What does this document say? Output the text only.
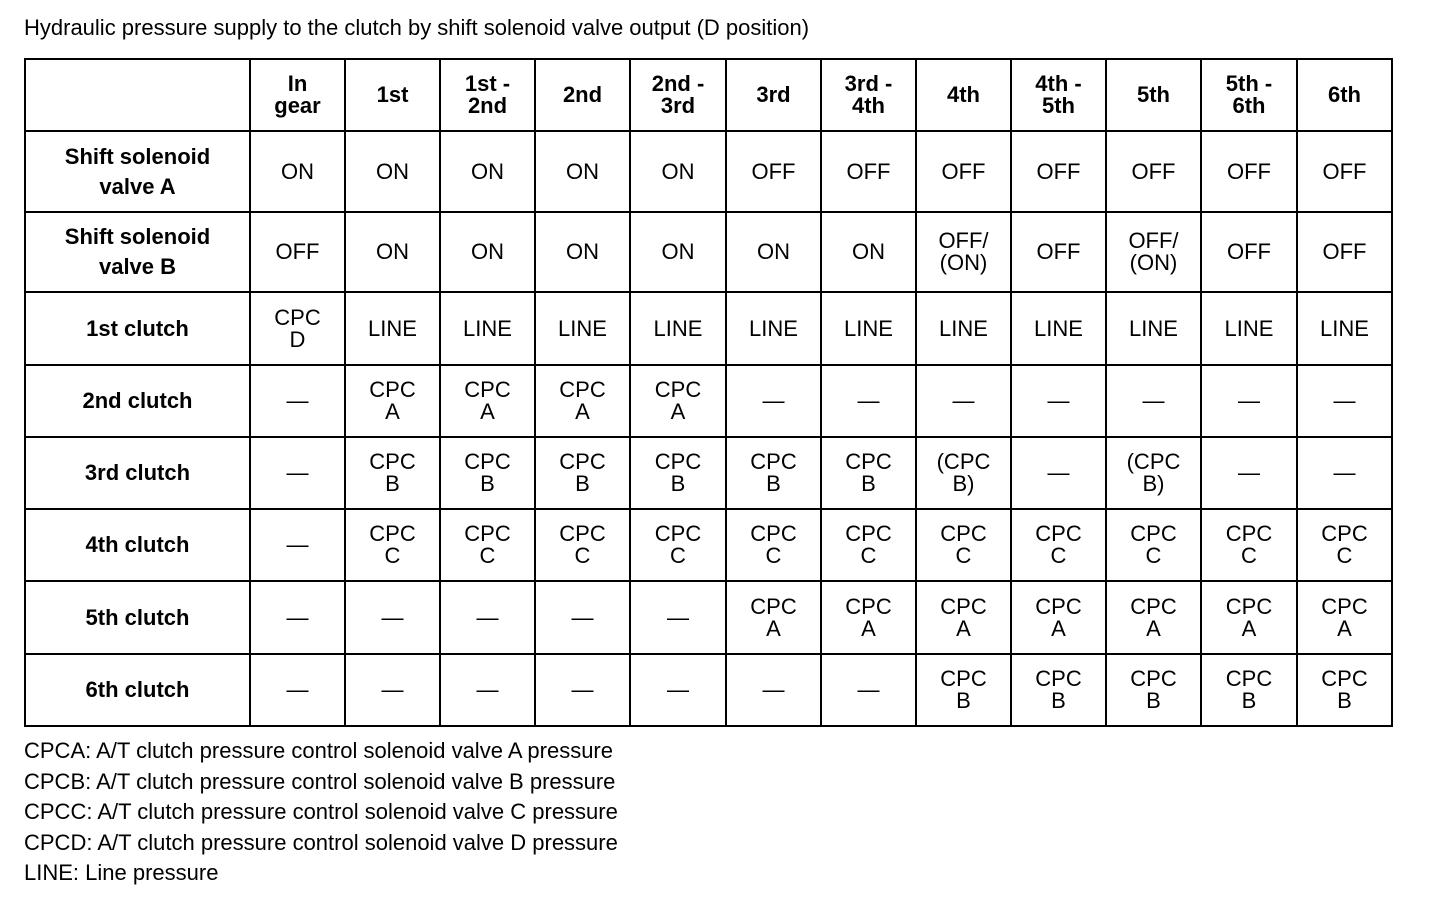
Hydraulic pressure supply to the clutch by shift solenoid valve output (D position)

	In
gear	1st	1st -
2nd	2nd	2nd -
3rd	3rd	3rd -
4th	4th	4th -
5th	5th	5th -
6th	6th

Shift solenoid
valve A	ON	ON	ON	ON	ON	OFF	OFF	OFF	OFF	OFF	OFF	OFF

Shift solenoid
valve B	OFF	ON	ON	ON	ON	ON	ON	OFF/
(ON)	OFF	OFF/
(ON)	OFF	OFF

1st clutch	CPC
D	LINE	LINE	LINE	LINE	LINE	LINE	LINE	LINE	LINE	LINE	LINE

2nd clutch	—	CPC
A	CPC
A	CPC
A	CPC
A	—	—	—	—	—	—	—

3rd clutch	—	CPC
B	CPC
B	CPC
B	CPC
B	CPC
B	CPC
B	(CPC
B)	—	(CPC
B)	—	—

4th clutch	—	CPC
C	CPC
C	CPC
C	CPC
C	CPC
C	CPC
C	CPC
C	CPC
C	CPC
C	CPC
C	CPC
C

5th clutch	—	—	—	—	—	CPC
A	CPC
A	CPC
A	CPC
A	CPC
A	CPC
A	CPC
A

6th clutch	—	—	—	—	—	—	—	CPC
B	CPC
B	CPC
B	CPC
B	CPC
B
CPCA: A/T clutch pressure control solenoid valve A pressure
CPCB: A/T clutch pressure control solenoid valve B pressure
CPCC: A/T clutch pressure control solenoid valve C pressure
CPCD: A/T clutch pressure control solenoid valve D pressure
LINE: Line pressure
